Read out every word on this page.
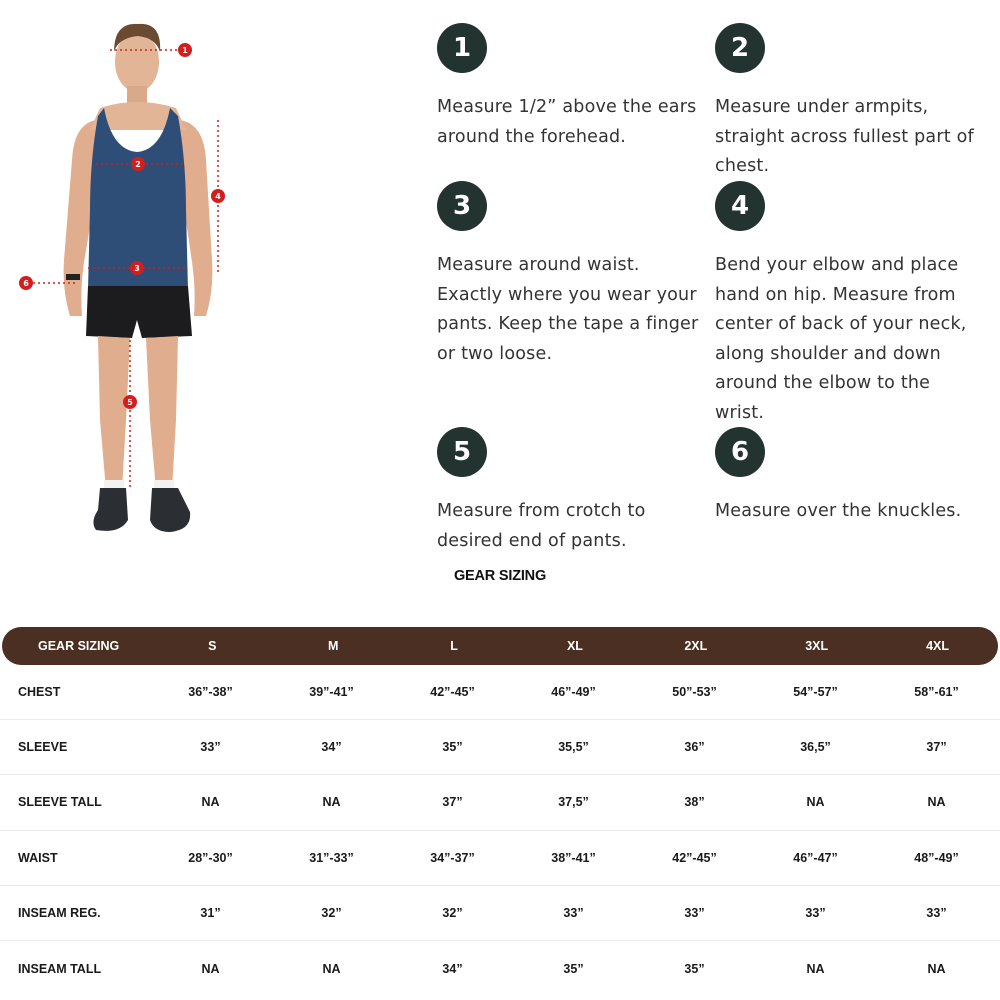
1
2
3
4
5
6
1
Measure 1/2” above the ears around the forehead.
2
Measure under armpits, straight across fullest part of chest.
3
Measure around waist. Exactly where you wear your pants. Keep the tape a finger or two loose.
4
Bend your elbow and place hand on hip. Measure from center of back of your neck, along shoulder and down around the elbow to the wrist.
5
Measure from crotch to desired end of pants.
6
Measure over the knuckles.
GEAR SIZING
GEAR SIZING	S	M	L	XL	2XL	3XL	4XL
CHEST	36”-38”	39”-41”	42”-45”	46”-49”	50”-53”	54”-57”	58”-61”
SLEEVE	33”	34”	35”	35,5”	36”	36,5”	37”
SLEEVE TALL	NA	NA	37”	37,5”	38”	NA	NA
WAIST	28”-30”	31”-33”	34”-37”	38”-41”	42”-45”	46”-47”	48”-49”
INSEAM REG.	31”	32”	32”	33”	33”	33”	33”
INSEAM TALL	NA	NA	34”	35”	35”	NA	NA
